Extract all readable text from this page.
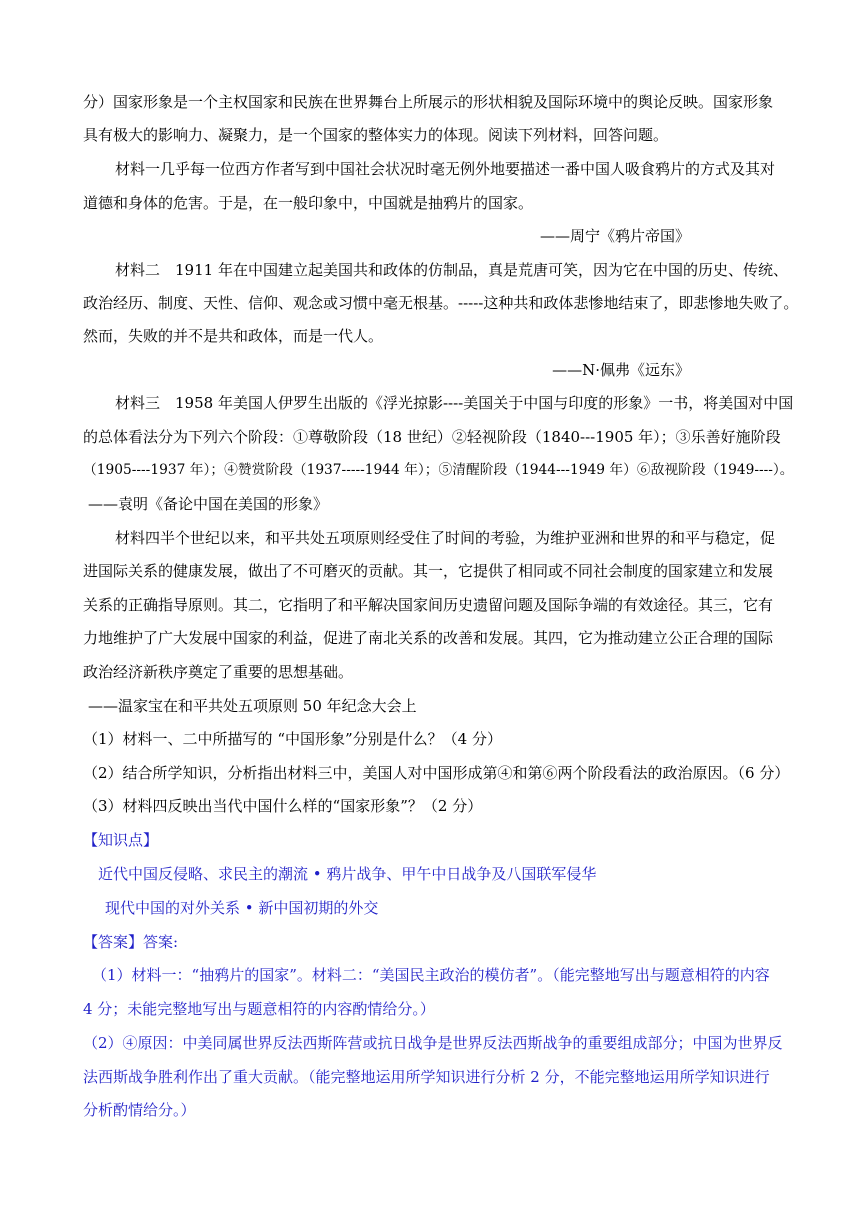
分）国家形象是一个主权国家和民族在世界舞台上所展示的形状相貌及国际环境中的舆论反映。国家形象
具有极大的影响力、凝聚力，是一个国家的整体实力的体现。阅读下列材料，回答问题。
材料一几乎每一位西方作者写到中国社会状况时毫无例外地要描述一番中国人吸食鸦片的方式及其对
道德和身体的危害。于是，在一般印象中，中国就是抽鸦片的国家。
——周宁《鸦片帝国》
材料二　1911 年在中国建立起美国共和政体的仿制品，真是荒唐可笑，因为它在中国的历史、传统、
政治经历、制度、天性、信仰、观念或习惯中毫无根基。-----这种共和政体悲惨地结束了，即悲惨地失败了。
然而，失败的并不是共和政体，而是一代人。
——N·佩弗《远东》
材料三　1958 年美国人伊罗生出版的《浮光掠影----美国关于中国与印度的形象》一书，将美国对中国
的总体看法分为下列六个阶段：①尊敬阶段（18 世纪）②轻视阶段（1840---1905 年）；③乐善好施阶段
（1905----1937 年）；④赞赏阶段（1937-----1944 年）；⑤清醒阶段（1944---1949 年）⑥敌视阶段（1949----）。
——袁明《备论中国在美国的形象》
材料四半个世纪以来，和平共处五项原则经受住了时间的考验，为维护亚洲和世界的和平与稳定，促
进国际关系的健康发展，做出了不可磨灭的贡献。其一，它提供了相同或不同社会制度的国家建立和发展
关系的正确指导原则。其二，它指明了和平解决国家间历史遗留问题及国际争端的有效途径。其三，它有
力地维护了广大发展中国家的利益，促进了南北关系的改善和发展。其四，它为推动建立公正合理的国际
政治经济新秩序奠定了重要的思想基础。
——温家宝在和平共处五项原则 50 年纪念大会上
（1）材料一、二中所描写的 “中国形象”分别是什么？（4 分）
（2）结合所学知识，分析指出材料三中，美国人对中国形成第④和第⑥两个阶段看法的政治原因。（6 分）
（3）材料四反映出当代中国什么样的“国家形象”？（2 分）
【知识点】
近代中国反侵略、求民主的潮流 • 鸦片战争、甲午中日战争及八国联军侵华
现代中国的对外关系 • 新中国初期的外交
【答案】答案:
（1）材料一：“抽鸦片的国家”。材料二：“美国民主政治的模仿者”。（能完整地写出与题意相符的内容
4 分；未能完整地写出与题意相符的内容酌情给分。）
（2）④原因：中美同属世界反法西斯阵营或抗日战争是世界反法西斯战争的重要组成部分；中国为世界反
法西斯战争胜利作出了重大贡献。（能完整地运用所学知识进行分析 2 分，不能完整地运用所学知识进行
分析酌情给分。）
